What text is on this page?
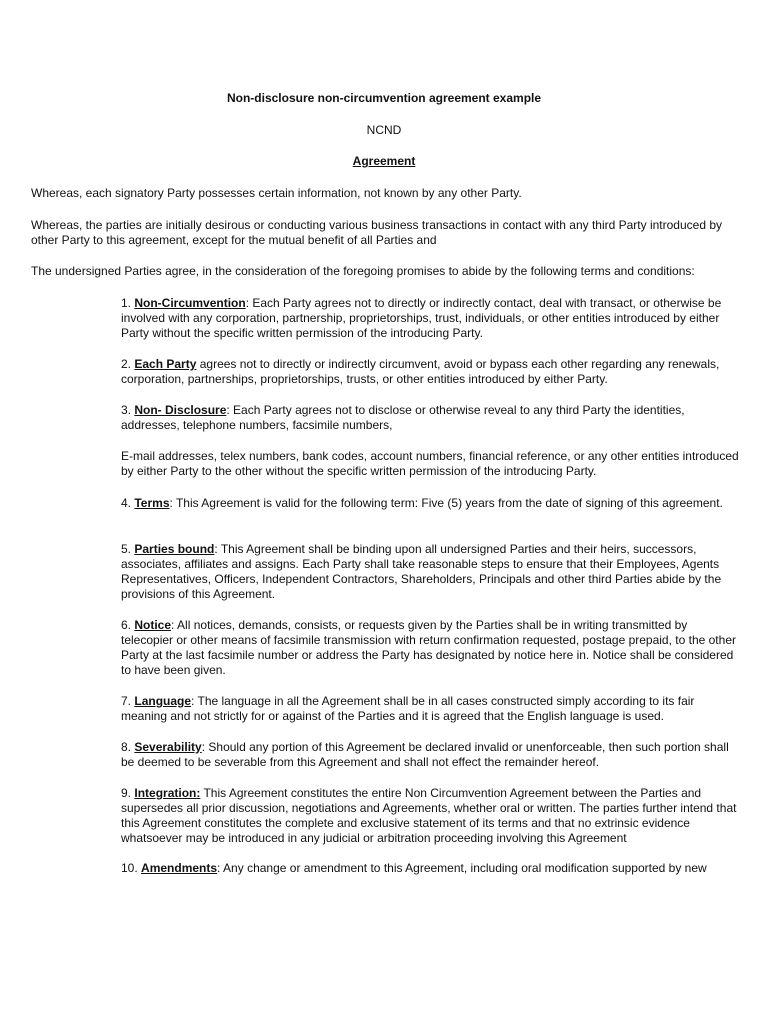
Non-disclosure non-circumvention agreement example
NCND
Agreement

Whereas, each signatory Party possesses certain information, not known by any other Party.

Whereas, the parties are initially desirous or conducting various business transactions in contact with any third Party introduced by other Party to this agreement, except for the mutual benefit of all Parties and

The undersigned Parties agree, in the consideration of the foregoing promises to abide by the following terms and conditions:

1. Non-Circumvention: Each Party agrees not to directly or indirectly contact, deal with transact, or otherwise be involved with any corporation, partnership, proprietorships, trust, individuals, or other entities introduced by either Party without the specific written permission of the introducing Party.

2. Each Party agrees not to directly or indirectly circumvent, avoid or bypass each other regarding any renewals, corporation, partnerships, proprietorships, trusts, or other entities introduced by either Party.

3. Non- Disclosure: Each Party agrees not to disclose or otherwise reveal to any third Party the identities, addresses, telephone numbers, facsimile numbers,

E-mail addresses, telex numbers, bank codes, account numbers, financial reference, or any other entities introduced by either Party to the other without the specific written permission of the introducing Party.

4. Terms: This Agreement is valid for the following term: Five (5) years from the date of signing of this agreement.

5. Parties bound: This Agreement shall be binding upon all undersigned Parties and their heirs, successors, associates, affiliates and assigns. Each Party shall take reasonable steps to ensure that their Employees, Agents Representatives, Officers, Independent Contractors, Shareholders, Principals and other third Parties abide by the provisions of this Agreement.

6. Notice: All notices, demands, consists, or requests given by the Parties shall be in writing transmitted by telecopier or other means of facsimile transmission with return confirmation requested, postage prepaid, to the other Party at the last facsimile number or address the Party has designated by notice here in. Notice shall be considered to have been given.

7. Language: The language in all the Agreement shall be in all cases constructed simply according to its fair meaning and not strictly for or against of the Parties and it is agreed that the English language is used.

8. Severability: Should any portion of this Agreement be declared invalid or unenforceable, then such portion shall be deemed to be severable from this Agreement and shall not effect the remainder hereof.

9. Integration: This Agreement constitutes the entire Non Circumvention Agreement between the Parties and supersedes all prior discussion, negotiations and Agreements, whether oral or written. The parties further intend that this Agreement constitutes the complete and exclusive statement of its terms and that no extrinsic evidence whatsoever may be introduced in any judicial or arbitration proceeding involving this Agreement

10. Amendments: Any change or amendment to this Agreement, including oral modification supported by new
